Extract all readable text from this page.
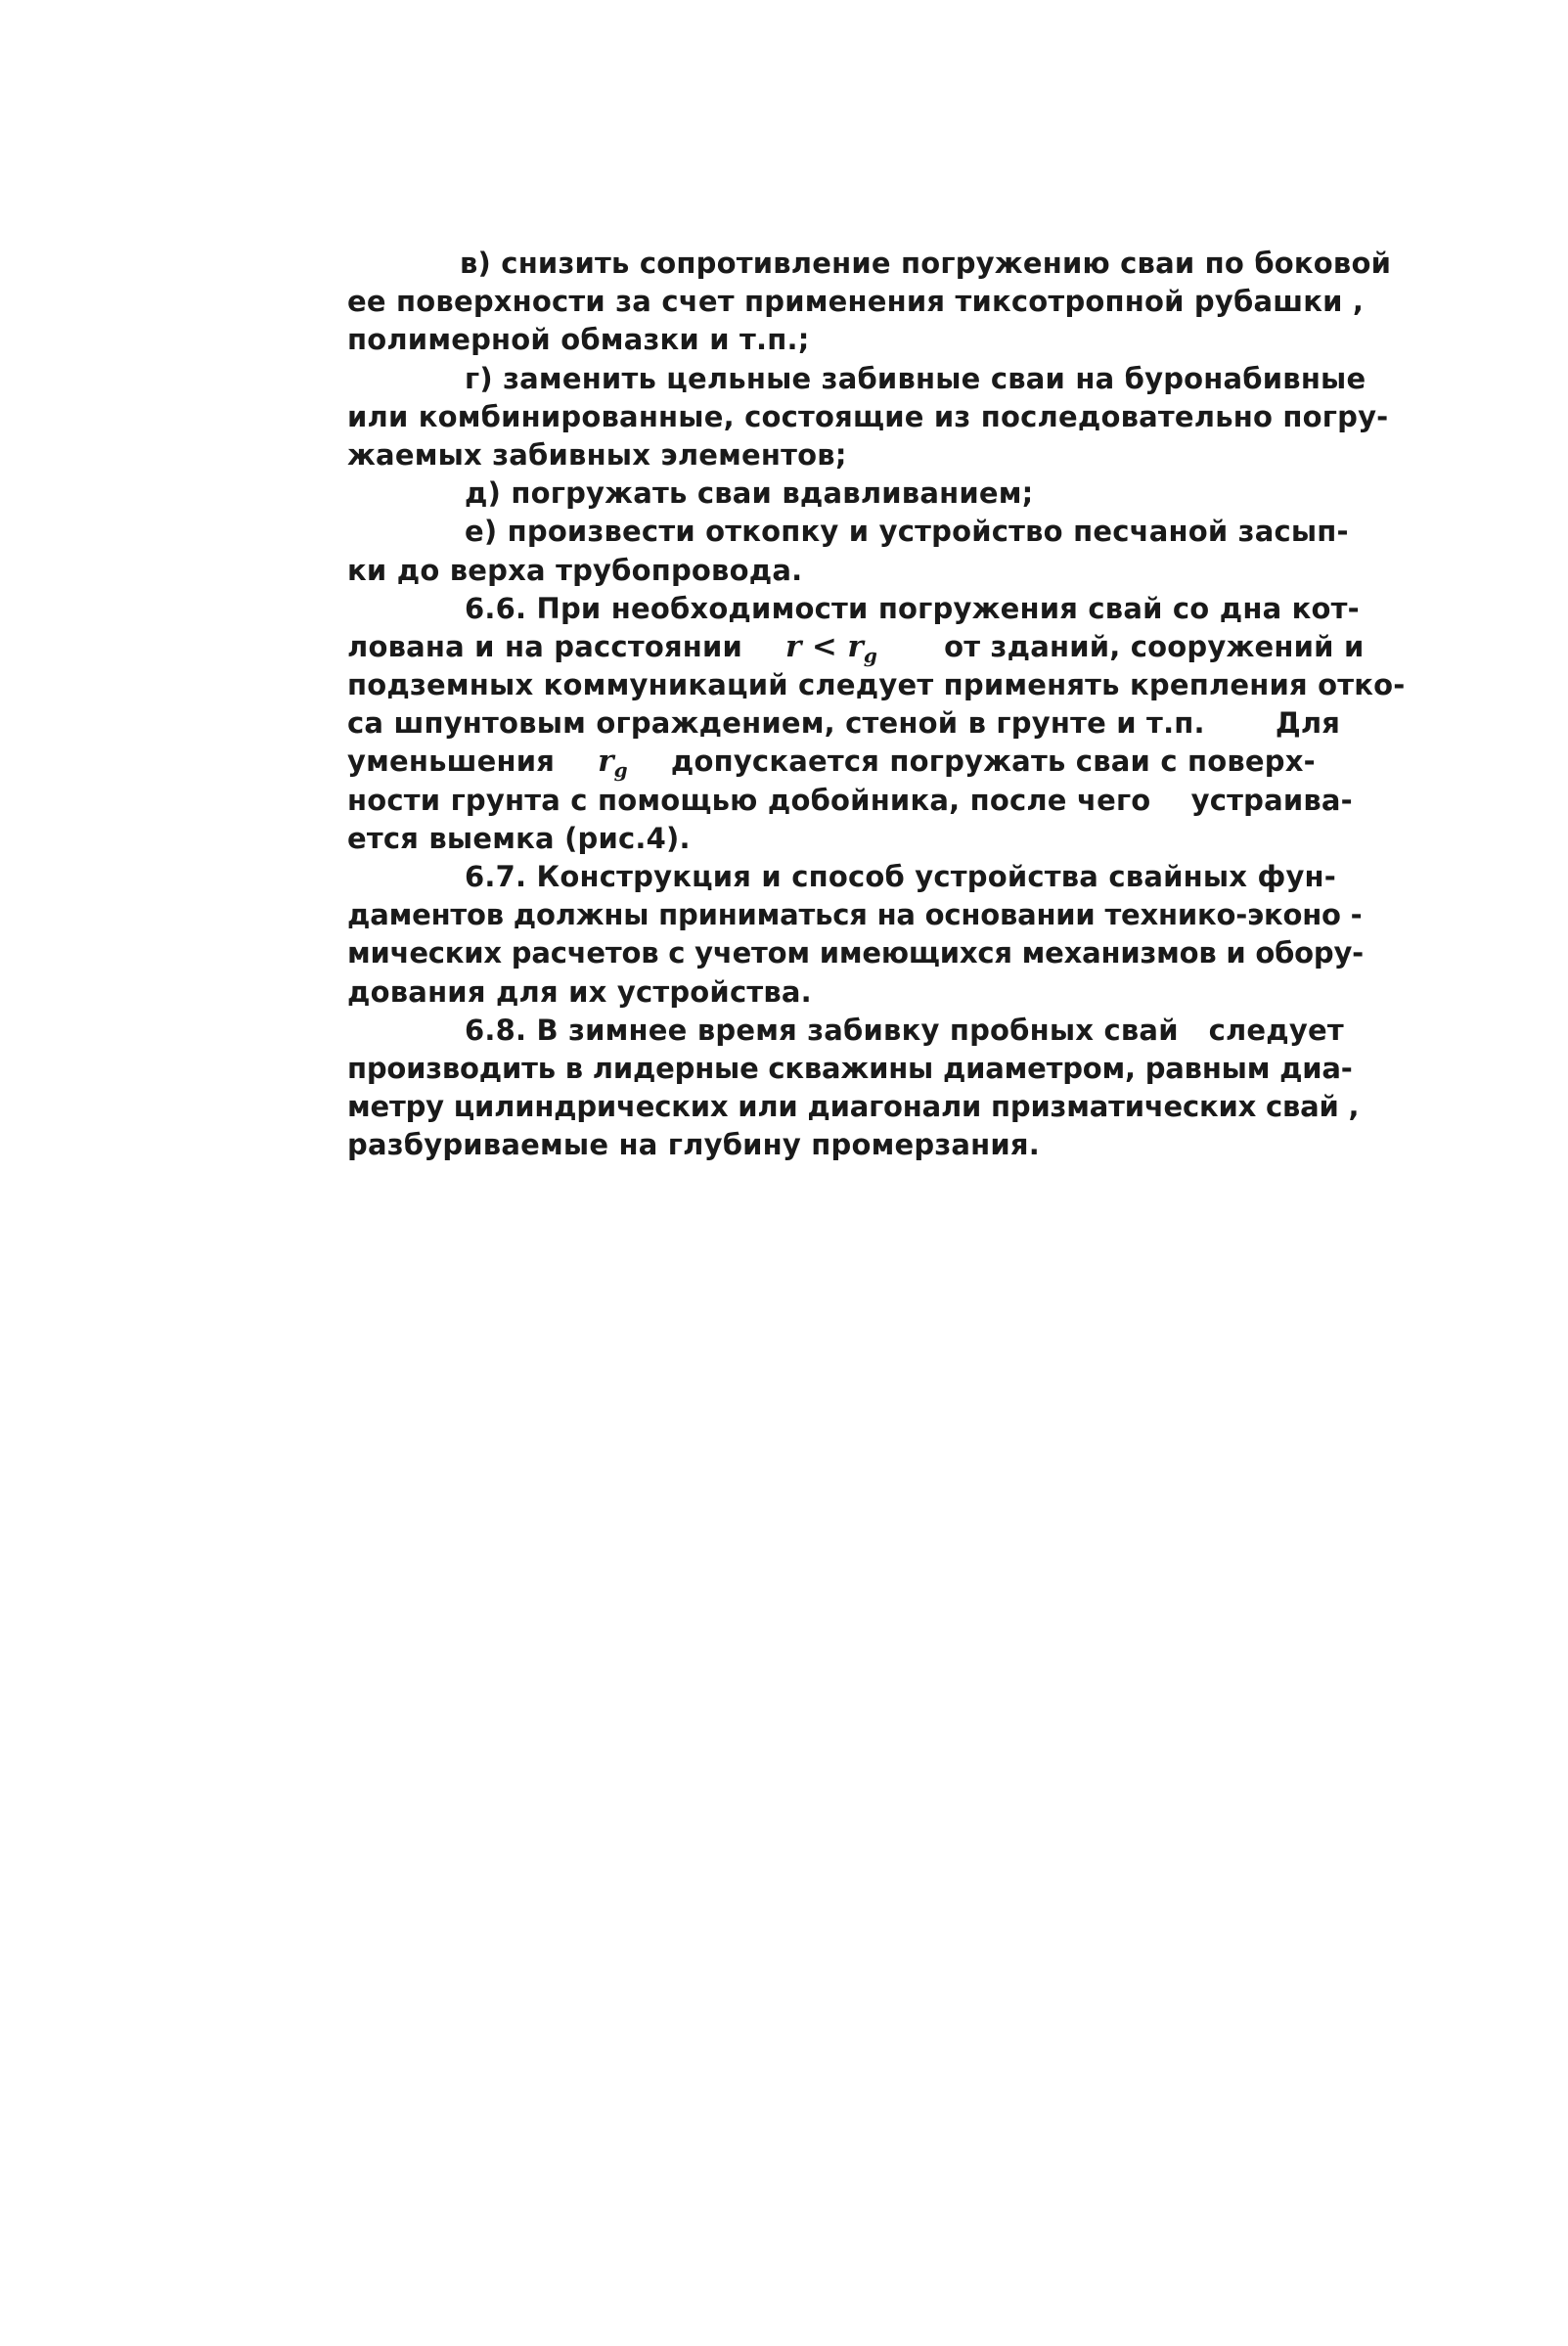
в) снизить сопротивление погружению сваи по боковой
ее поверхности за счет применения тиксотропной рубашки ,
полимерной обмазки и т.п.;
г) заменить цельные забивные сваи на буронабивные
или комбинированные, состоящие из последовательно погру-
жаемых забивных элементов;
д) погружать сваи вдавливанием;
е) произвести откопку и устройство песчаной засып-
ки до верха трубопровода.
6.6. При необходимости погружения свай со дна кот-
лована и на расстоянии r < rg от зданий, сооружений и
подземных коммуникаций следует применять крепления отко-
са шпунтовым ограждением, стеной в грунте и т.п.       Для
уменьшения rg допускается погружать сваи с поверх-
ности грунта с помощью добойника, после чего    устраива-
ется выемка (рис.4).
6.7. Конструкция и способ устройства свайных фун-
даментов должны приниматься на основании технико-эконо -
мических расчетов с учетом имеющихся механизмов и обору-
дования для их устройства.
6.8. В зимнее время забивку пробных свай   следует
производить в лидерные скважины диаметром, равным диа-
метру цилиндрических или диагонали призматических свай ,
разбуриваемые на глубину промерзания.
